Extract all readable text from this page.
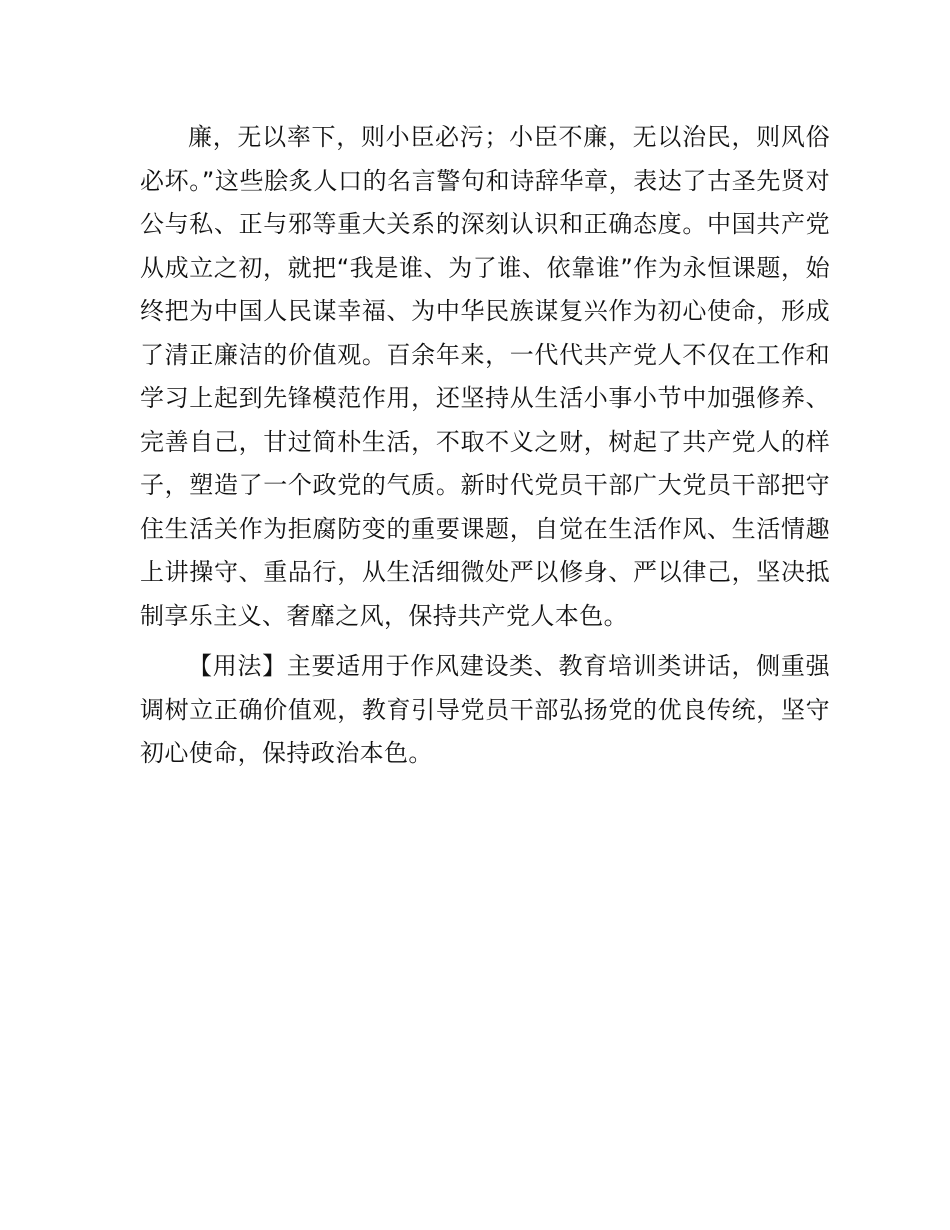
廉，无以率下，则小臣必污；小臣不廉，无以治民，则风俗必坏。”这些脍炙人口的名言警句和诗辞华章，表达了古圣先贤对公与私、正与邪等重大关系的深刻认识和正确态度。中国共产党从成立之初，就把“我是谁、为了谁、依靠谁”作为永恒课题，始终把为中国人民谋幸福、为中华民族谋复兴作为初心使命，形成了清正廉洁的价值观。百余年来，一代代共产党人不仅在工作和学习上起到先锋模范作用，还坚持从生活小事小节中加强修养、完善自己，甘过简朴生活，不取不义之财，树起了共产党人的样子，塑造了一个政党的气质。新时代党员干部广大党员干部把守住生活关作为拒腐防变的重要课题，自觉在生活作风、生活情趣上讲操守、重品行，从生活细微处严以修身、严以律己，坚决抵制享乐主义、奢靡之风，保持共产党人本色。

【用法】主要适用于作风建设类、教育培训类讲话，侧重强调树立正确价值观，教育引导党员干部弘扬党的优良传统，坚守初心使命，保持政治本色。
